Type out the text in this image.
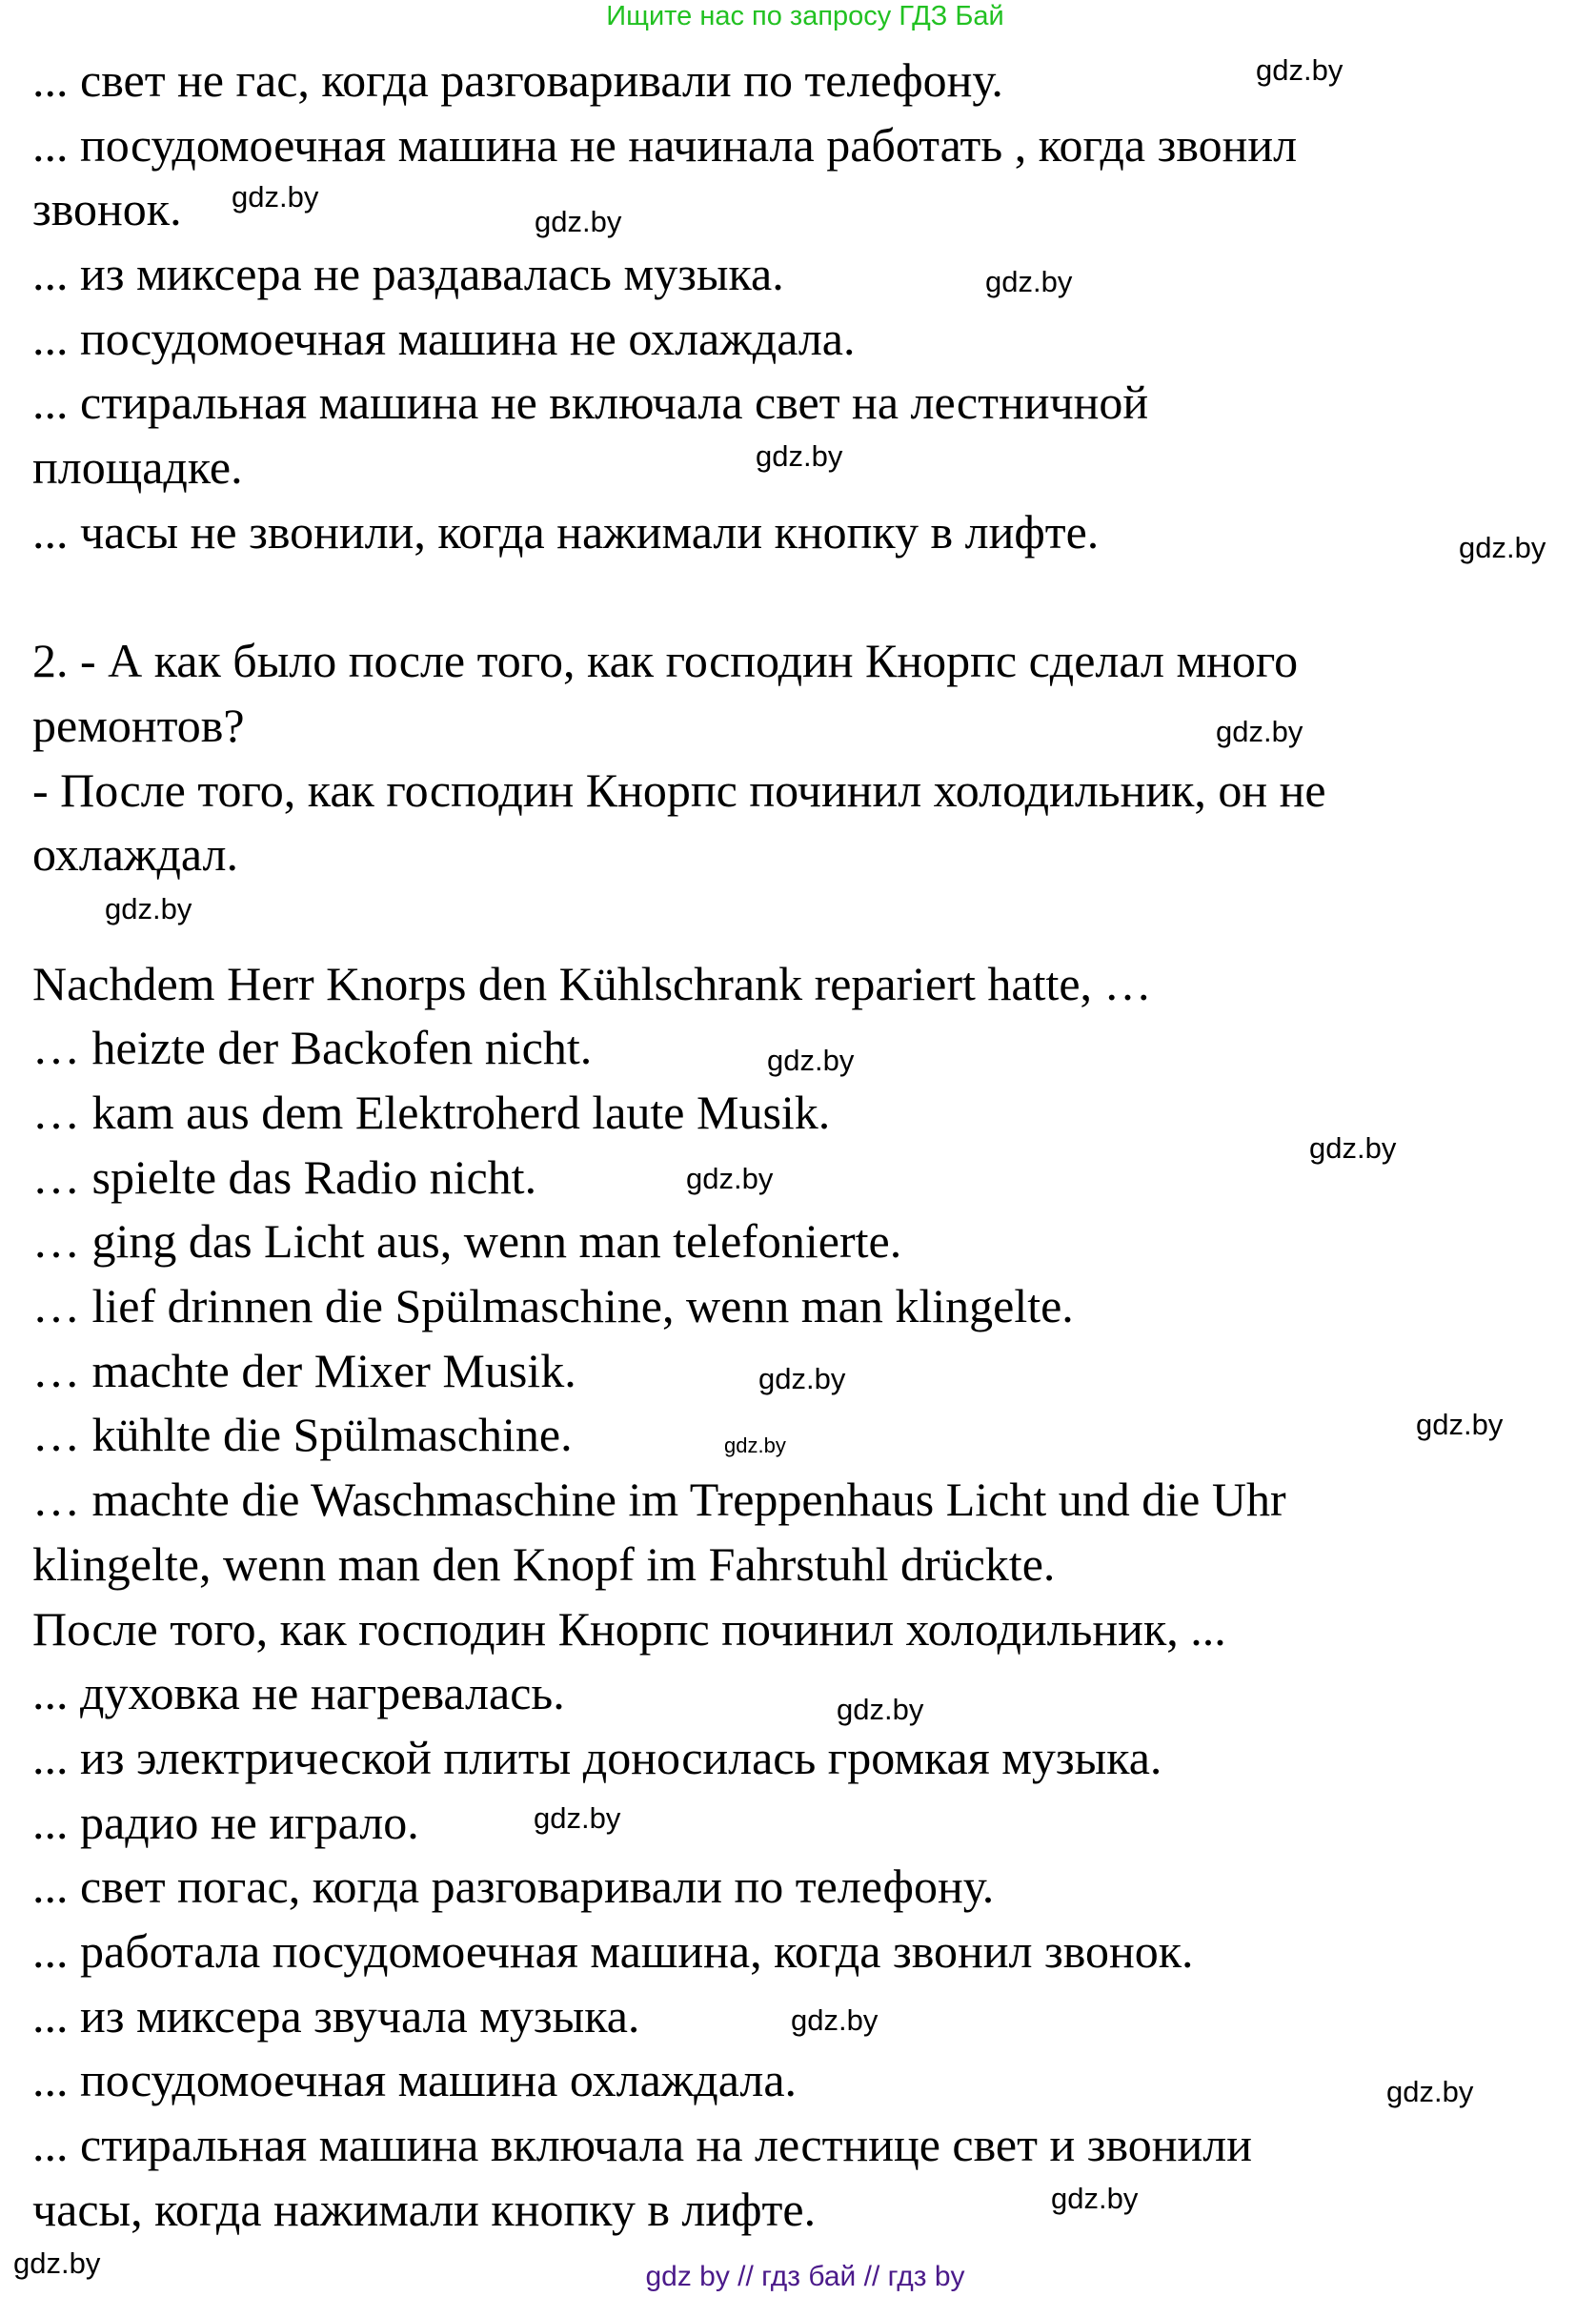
Ищите нас по запросу ГДЗ Бай
... свет не гас, когда разговаривали по телефону.
... посудомоечная машина не начинала работать , когда звонил
звонок.
... из миксера не раздавалась музыка.
... посудомоечная машина не охлаждала.
... стиральная машина не включала свет на лестничной
площадке.
... часы не звонили, когда нажимали кнопку в лифте.
2. - А как было после того, как господин Кнорпс сделал много
ремонтов?
- После того, как господин Кнорпс починил холодильник, он не
охлаждал.
Nachdem Herr Knorps den Kühlschrank repariert hatte, …
… heizte der Backofen nicht.
… kam aus dem Elektroherd laute Musik.
… spielte das Radio nicht.
… ging das Licht aus, wenn man telefonierte.
… lief drinnen die Spülmaschine, wenn man klingelte.
… machte der Mixer Musik.
… kühlte die Spülmaschine.
… machte die Waschmaschine im Treppenhaus Licht und die Uhr
klingelte, wenn man den Knopf im Fahrstuhl drückte.
После того, как господин Кнорпс починил холодильник, ...
... духовка не нагревалась.
... из электрической плиты доносилась громкая музыка.
... радио не играло.
... свет погас, когда разговаривали по телефону.
... работала посудомоечная машина, когда звонил звонок.
... из миксера звучала музыка.
... посудомоечная машина охлаждала.
... стиральная машина включала на лестнице свет и звонили
часы, когда нажимали кнопку в лифте.
gdz.by
gdz.by
gdz.by
gdz.by
gdz.by
gdz.by
gdz.by
gdz.by
gdz.by
gdz.by
gdz.by
gdz.by
gdz.by
gdz.by
gdz.by
gdz.by
gdz.by
gdz.by
gdz.by
gdz.by	gdz by // гдз бай // гдз by
